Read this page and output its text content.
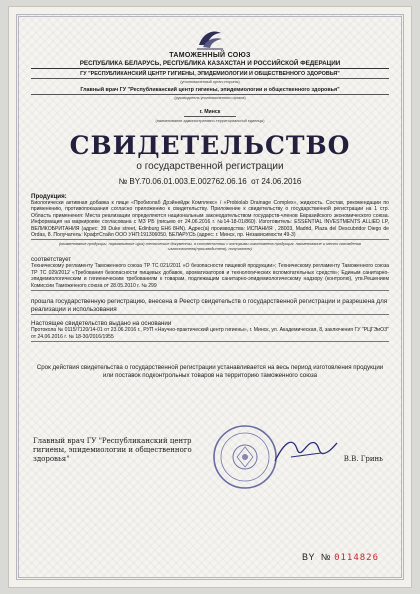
ТАМОЖЕННЫЙ СОЮЗ
РЕСПУБЛИКА БЕЛАРУСЬ, РЕСПУБЛИКА КАЗАХСТАН И РОССИЙСКОЙ ФЕДЕРАЦИИ
ГУ "РЕСПУБЛИКАНСКИЙ ЦЕНТР ГИГИЕНЫ, ЭПИДЕМИОЛОГИИ И ОБЩЕСТВЕННОГО ЗДОРОВЬЯ"
(уполномоченный орган стороны)
Главный врач ГУ "Республиканский центр гигиены, эпидемиологии и общественного здоровья"
(руководитель уполномоченного органа)
г. Минск
(наименование административно-территориальной единицы)
СВИДЕТЕЛЬСТВО
о государственной регистрации
№ BY.70.06.01.003.E.002762.06.16 от 24.06.2016
Продукция:
Биологически активная добавка к пище «Пробиолаб Дрэйнейдж Комплекс» / «Probiolab Drainage Complex», жидкость. Состав, рекомендации по применению, противопоказания согласно приложению к свидетельству. Приложение к свидетельству о государственной регистрации на 1 стр. Область применения: Места реализации определяются национальным законодательством государств-членов Евразийского экономического союза. Информация на маркировке согласована с МЗ РБ (письмо от 24.06.2016 г. №14-18-01/860). Изготовитель: ESSENTIAL INVESTMENTS ALLIED LP, ВЕЛИКОБРИТАНИЯ (адрес: 39 Duke street, Edinburg EH6 8HN). Адрес(а) производства: ИСПАНИЯ , 28003, Madrid, Plaza del Descubridor Diego de Ordas, 8. Получатель: КрафтСтайл ООО УНП:191306050, БЕЛАРУСЬ (адрес: г. Минск, пр. Независимости 49-3)
(наименование продукции, нормативные ц(ия) технические документы, в соответствии с которыми изготовлена продукция, наименование и место нахождения изготовителя(производителя), получателя)
соответствует
Техническому регламенту Таможенного союза ТР ТС 021/2011 «О безопасности пищевой продукции»; Техническому регламенту Таможенного союза ТР ТС 029/2012 «Требования безопасности пищевых добавок, ароматизаторов и технологических вспомогательных средств»; Единым санитарно-эпидемиологическим и гигиеническим требованиям к товарам, подлежащим санитарно-эпидемиологическому надзору (контролю), утв.Решением Комиссии Таможенного союза от 28.05.2010 г. № 299
прошла государственную регистрацию, внесена в Реестр свидетельств о государственной регистрации и разрешена для реализации и использования
Настоящее свидетельство выдано на основании
Протокола № 0115/7120/14-01 от 23.06.2016 г., РУП «Научно-практический центр гигиены», г. Минск, ул. Академическая, 8, заключения ГУ "РЦГЭиОЗ" от 24.06.2016 г. № 18-30/2016/1955
Срок действия свидетельства о государственной регистрации устанавливается на весь период изготовления продукции или поставок подконтрольных товаров на территорию таможенного союза
Главный врач ГУ "Республиканский центр
гигиены, эпидемиологии и общественного
здоровья"	В.В. Гринь
BY № 0114826
